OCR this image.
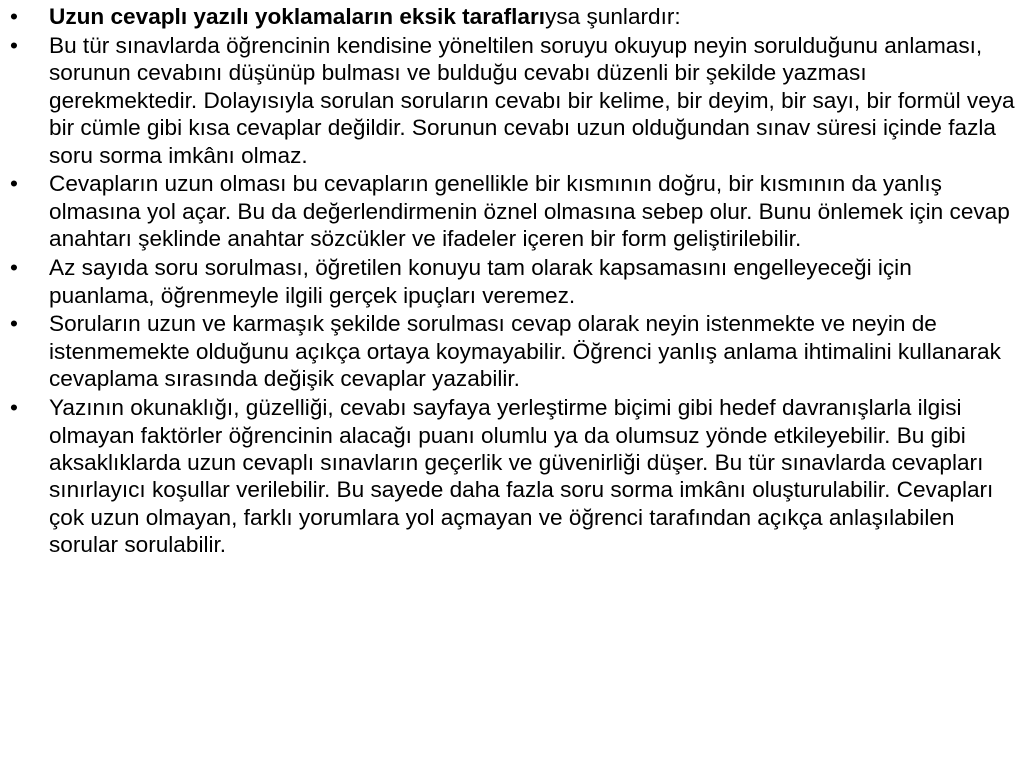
•	Uzun cevaplı yazılı yoklamaların eksik taraflarıysa şunlardır:
•	Bu tür sınavlarda öğrencinin kendisine yöneltilen soruyu okuyup neyin sorulduğunu anlaması, sorunun cevabını düşünüp bulması ve bulduğu cevabı düzenli bir şekilde yazması gerekmektedir. Dolayısıyla sorulan soruların cevabı bir kelime, bir deyim, bir sayı, bir formül veya bir cümle gibi kısa cevaplar değildir. Sorunun cevabı uzun olduğundan sınav süresi içinde fazla soru sorma imkânı olmaz.
•	Cevapların uzun olması bu cevapların genellikle bir kısmının doğru, bir kısmının da yanlış olmasına yol açar. Bu da değerlendirmenin öznel olmasına sebep olur. Bunu önlemek için cevap anahtarı şeklinde anahtar sözcükler ve ifadeler içeren bir form geliştirilebilir.
•	Az sayıda soru sorulması, öğretilen konuyu tam olarak kapsamasını engelleyeceği için puanlama, öğrenmeyle ilgili gerçek ipuçları veremez.
•	Soruların uzun ve karmaşık şekilde sorulması cevap olarak neyin istenmekte ve neyin de istenmemekte olduğunu açıkça ortaya koymayabilir. Öğrenci yanlış anlama ihtimalini kullanarak cevaplama sırasında değişik cevaplar yazabilir.
•	Yazının okunaklığı, güzelliği, cevabı sayfaya yerleştirme biçimi gibi hedef davranışlarla ilgisi olmayan faktörler öğrencinin alacağı puanı olumlu ya da olumsuz yönde etkileyebilir. Bu gibi aksaklıklarda uzun cevaplı sınavların geçerlik ve güvenirliği düşer. Bu tür sınavlarda cevapları sınırlayıcı koşullar verilebilir. Bu sayede daha fazla soru sorma imkânı oluşturulabilir. Cevapları çok uzun olmayan, farklı yorumlara yol açmayan ve öğrenci tarafından açıkça anlaşılabilen sorular sorulabilir.
